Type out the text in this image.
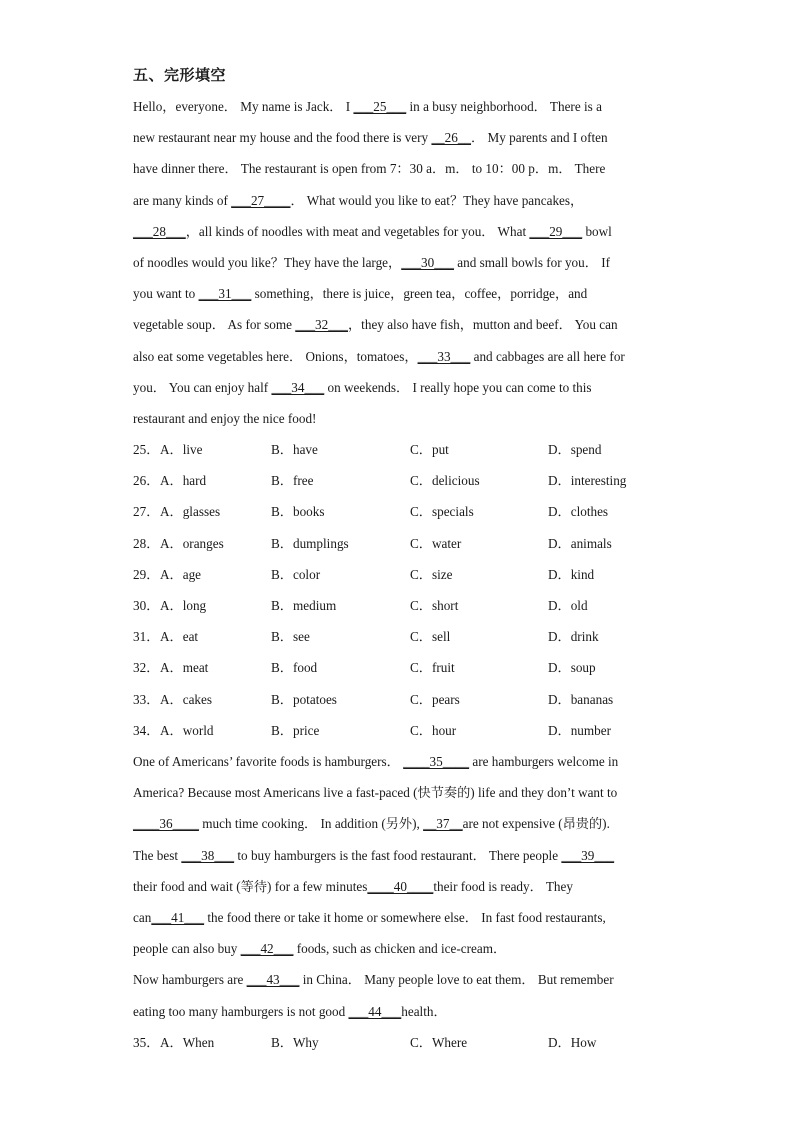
五、完形填空
Hello，everyone． My name is Jack． I ___25___ in a busy neighborhood． There is a
new restaurant near my house and the food there is very __26__． My parents and I often
have dinner there． The restaurant is open from 7：30 a．m． to 10：00 p．m． There
are many kinds of ___27____． What would you like to eat？They have pancakes，
___28___，all kinds of noodles with meat and vegetables for you． What ___29___ bowl
of noodles would you like？They have the large，___30___ and small bowls for you． If
you want to ___31___ something，there is juice，green tea，coffee，porridge，and
vegetable soup． As for some ___32___，they also have fish，mutton and beef． You can
also eat some vegetables here． Onions，tomatoes，___33___ and cabbages are all here for
you． You can enjoy half ___34___ on weekends． I really hope you can come to this
restaurant and enjoy the nice food!
25． A．live	B．have	C．put	D．spend
26． A．hard	B．free	C．delicious	D．interesting
27． A．glasses	B．books	C．specials	D．clothes
28． A．oranges	B．dumplings	C．water	D．animals
29． A．age	B．color	C．size	D．kind
30． A．long	B．medium	C．short	D．old
31． A．eat	B．see	C．sell	D．drink
32． A．meat	B．food	C．fruit	D．soup
33． A．cakes	B．potatoes	C．pears	D．bananas
34． A．world	B．price	C．hour	D．number
One of Americans’ favorite foods is hamburgers． ____35____ are hamburgers welcome in
America? Because most Americans live a fast-paced (快节奏的) life and they don’t want to
____36____ much time cooking． In addition (另外), __37__are not expensive (昂贵的).
The best ___38___ to buy hamburgers is the fast food restaurant． There people ___39___
their food and wait (等待) for a few minutes____40____their food is ready． They
can___41___ the food there or take it home or somewhere else． In fast food restaurants,
people can also buy ___42___ foods, such as chicken and ice-cream．
Now hamburgers are ___43___ in China． Many people love to eat them． But remember
eating too many hamburgers is not good ___44___health．
35． A．When	B．Why	C．Where	D．How
